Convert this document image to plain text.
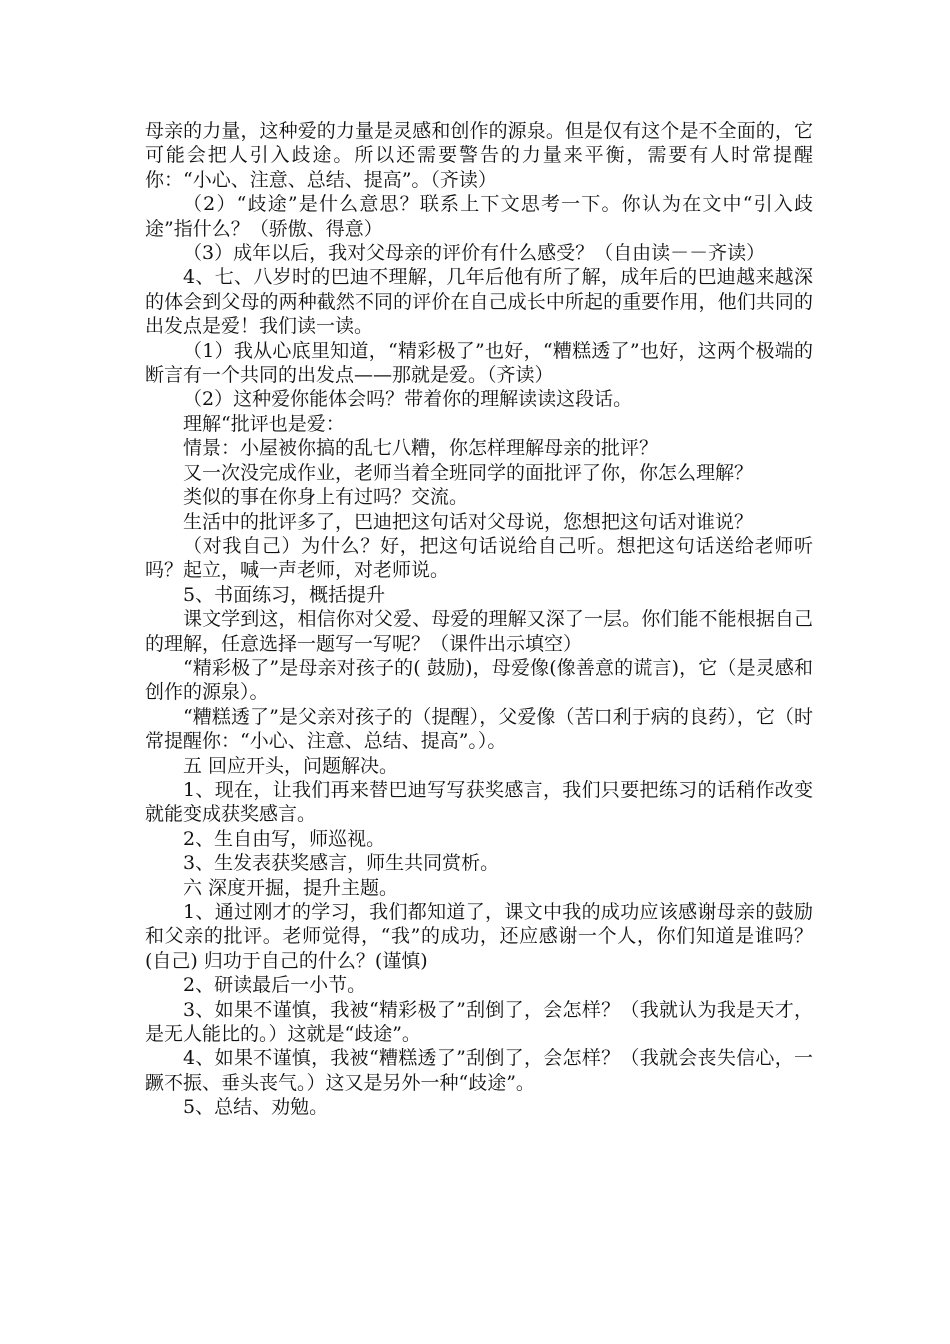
母亲的力量，这种爱的力量是灵感和创作的源泉。但是仅有这个是不全面的，它可能会把人引入歧途。所以还需要警告的力量来平衡，需要有人时常提醒你：“小心、注意、总结、提高”。（齐读）

（2）“歧途”是什么意思？联系上下文思考一下。你认为在文中“引入歧途”指什么？（骄傲、得意）

（3）成年以后，我对父母亲的评价有什么感受？（自由读－－齐读）

4、七、八岁时的巴迪不理解，几年后他有所了解，成年后的巴迪越来越深的体会到父母的两种截然不同的评价在自己成长中所起的重要作用，他们共同的出发点是爱！我们读一读。

（1）我从心底里知道，“精彩极了”也好，“糟糕透了”也好，这两个极端的断言有一个共同的出发点——那就是爱。（齐读）

（2）这种爱你能体会吗？带着你的理解读读这段话。

理解“批评也是爱：

情景：小屋被你搞的乱七八糟，你怎样理解母亲的批评？

又一次没完成作业，老师当着全班同学的面批评了你，你怎么理解？

类似的事在你身上有过吗？交流。

生活中的批评多了，巴迪把这句话对父母说，您想把这句话对谁说？

（对我自己）为什么？好，把这句话说给自己听。想把这句话送给老师听吗？起立，喊一声老师，对老师说。

5、书面练习，概括提升

课文学到这，相信你对父爱、母爱的理解又深了一层。你们能不能根据自己的理解，任意选择一题写一写呢？（课件出示填空）

“精彩极了”是母亲对孩子的( 鼓励)，母爱像(像善意的谎言)，它（是灵感和创作的源泉）。

“糟糕透了”是父亲对孩子的（提醒），父爱像（苦口利于病的良药），它（时常提醒你：“小心、注意、总结、提高”。）。

五 回应开头，问题解决。

1、现在，让我们再来替巴迪写写获奖感言，我们只要把练习的话稍作改变就能变成获奖感言。

2、生自由写，师巡视。

3、生发表获奖感言，师生共同赏析。

六 深度开掘，提升主题。

1、通过刚才的学习，我们都知道了，课文中我的成功应该感谢母亲的鼓励和父亲的批评。老师觉得，“我”的成功，还应感谢一个人，你们知道是谁吗？(自己) 归功于自己的什么？(谨慎)

2、研读最后一小节。

3、如果不谨慎，我被“精彩极了”刮倒了，会怎样？（我就认为我是天才，是无人能比的。）这就是“歧途”。

4、如果不谨慎，我被“糟糕透了”刮倒了，会怎样？（我就会丧失信心，一蹶不振、垂头丧气。）这又是另外一种“歧途”。

5、总结、劝勉。
